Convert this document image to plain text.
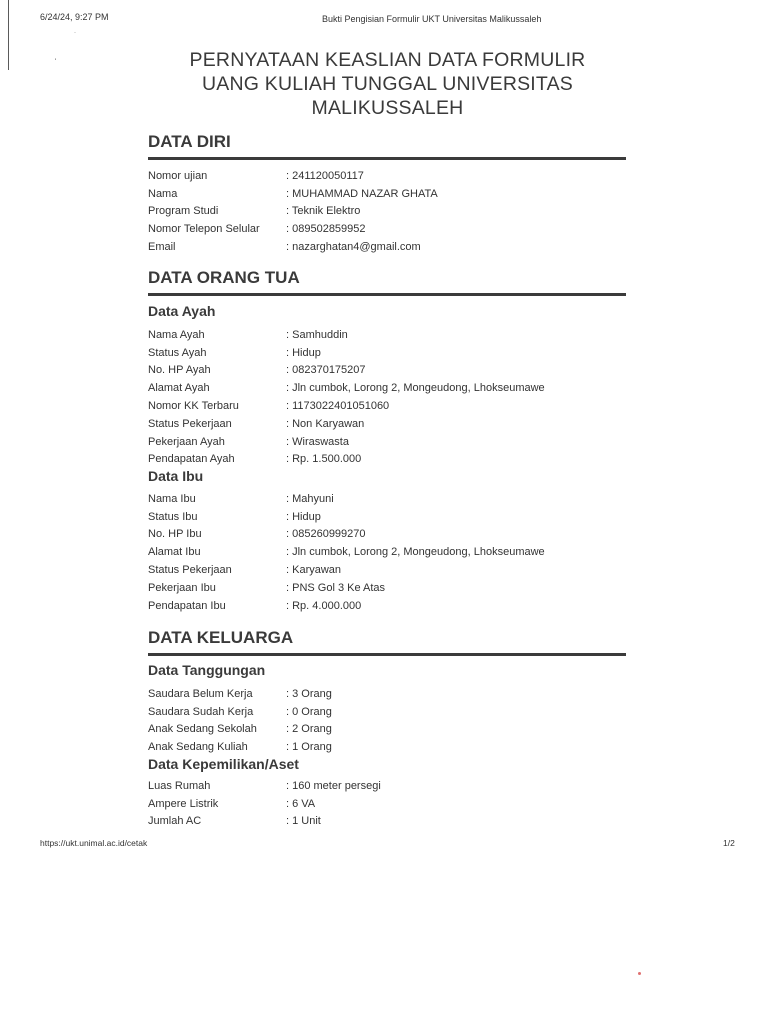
6/24/24, 9:27 PM	Bukti Pengisian Formulir UKT Universitas Malikussaleh
ˌ
·
PERNYATAAN KEASLIAN DATA FORMULIR
UANG KULIAH TUNGGAL UNIVERSITAS
MALIKUSSALEH
DATA DIRI
Nomor ujian	: 241120050117
Nama	: MUHAMMAD NAZAR GHATA
Program Studi	: Teknik Elektro
Nomor Telepon Selular	: 089502859952
Email	: nazarghatan4@gmail.com
DATA ORANG TUA
Data Ayah
Nama Ayah	: Samhuddin
Status Ayah	: Hidup
No. HP Ayah	: 082370175207
Alamat Ayah	: Jln cumbok, Lorong 2, Mongeudong, Lhokseumawe
Nomor KK Terbaru	: 1173022401051060
Status Pekerjaan	: Non Karyawan
Pekerjaan Ayah	: Wiraswasta
Pendapatan Ayah	: Rp. 1.500.000
Data Ibu
Nama Ibu	: Mahyuni
Status Ibu	: Hidup
No. HP Ibu	: 085260999270
Alamat Ibu	: Jln cumbok, Lorong 2, Mongeudong, Lhokseumawe
Status Pekerjaan	: Karyawan
Pekerjaan Ibu	: PNS Gol 3 Ke Atas
Pendapatan Ibu	: Rp. 4.000.000
DATA KELUARGA
Data Tanggungan
Saudara Belum Kerja	: 3 Orang
Saudara Sudah Kerja	: 0 Orang
Anak Sedang Sekolah	: 2 Orang
Anak Sedang Kuliah	: 1 Orang
Data Kepemilikan/Aset
Luas Rumah	: 160 meter persegi
Ampere Listrik	: 6 VA
Jumlah AC	: 1 Unit
https://ukt.unimal.ac.id/cetak	1/2
